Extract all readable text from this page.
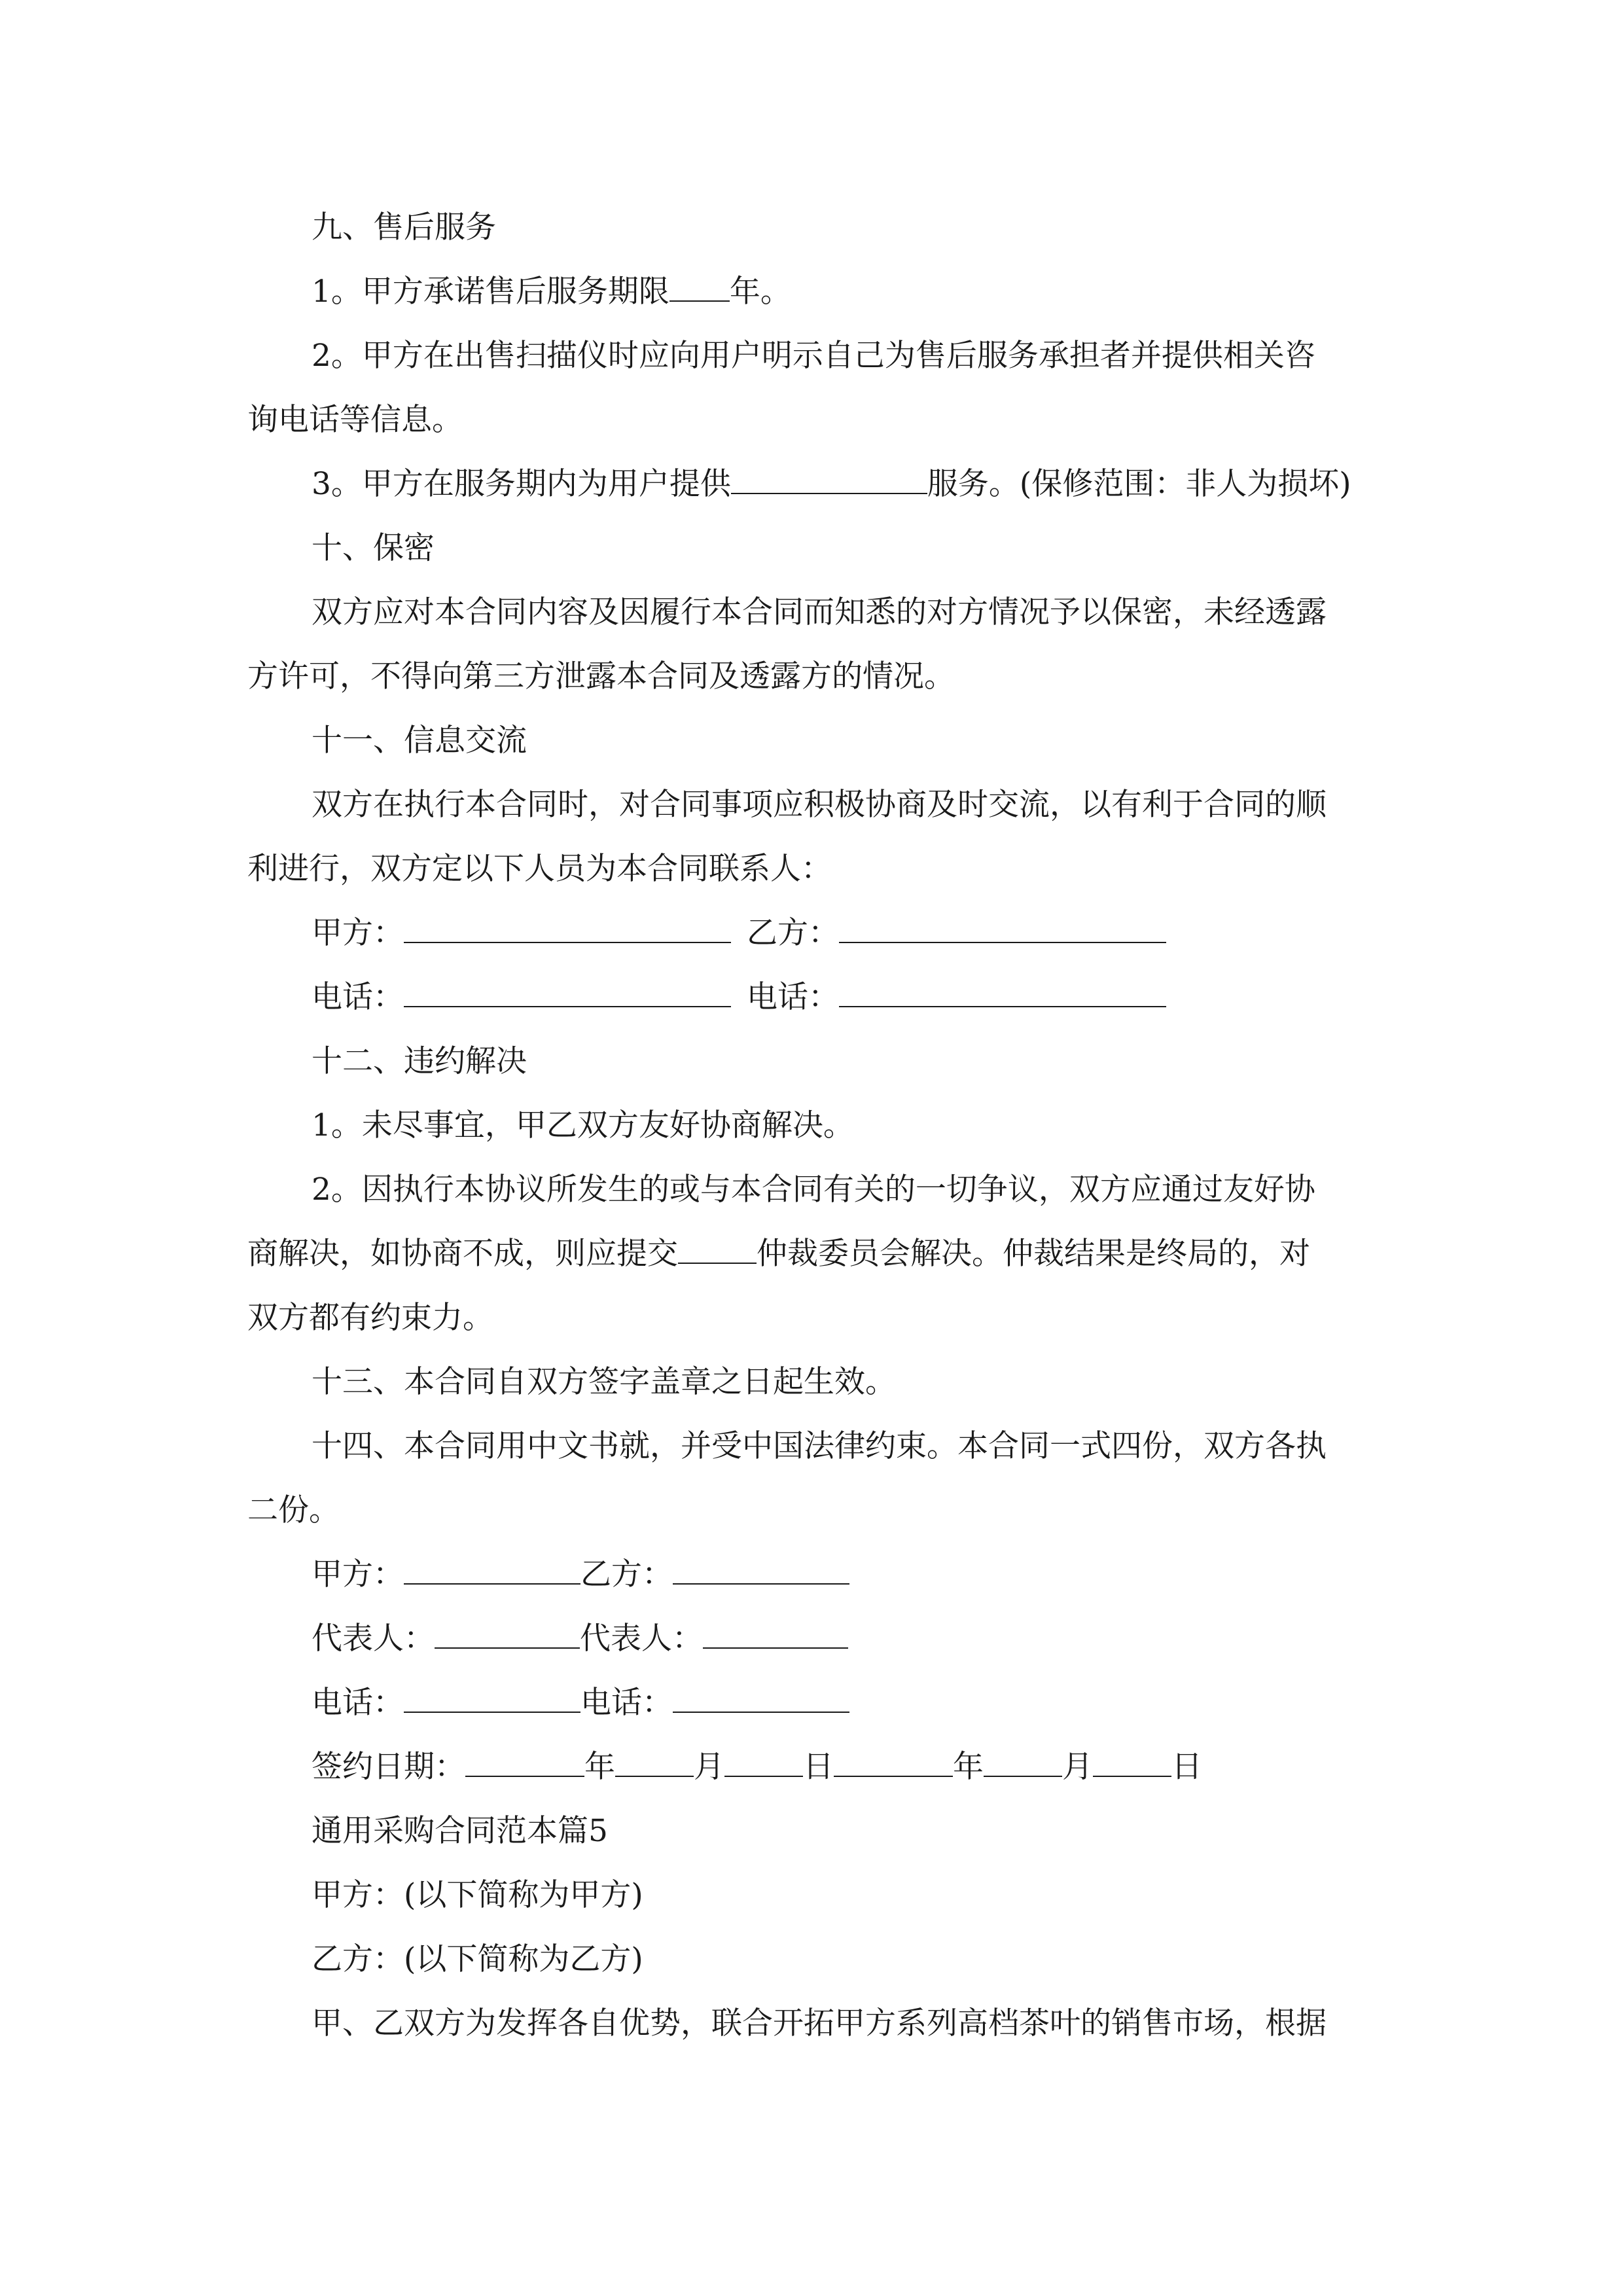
九、售后服务
1。甲方承诺售后服务期限 年。
2。甲方在出售扫描仪时应向用户明示自己为售后服务承担者并提供相关咨
询电话等信息。
3。甲方在服务期内为用户提供	服务。(保修范围：非人为损坏)
十、保密
双方应对本合同内容及因履行本合同而知悉的对方情况予以保密，未经透露
方许可，不得向第三方泄露本合同及透露方的情况。
十一、信息交流
双方在执行本合同时，对合同事项应积极协商及时交流，以有利于合同的顺
利进行，双方定以下人员为本合同联系人：
甲方：	乙方：
电话：	电话：
十二、违约解决
1。未尽事宜，甲乙双方友好协商解决。
2。因执行本协议所发生的或与本合同有关的一切争议，双方应通过友好协
商解决，如协商不成，则应提交	仲裁委员会解决。仲裁结果是终局的，对
双方都有约束力。
十三、本合同自双方签字盖章之日起生效。
十四、本合同用中文书就，并受中国法律约束。本合同一式四份，双方各执
二份。
甲方：	乙方：
代表人：	代表人：
电话：	电话：
签约日期：	年	月	日	年	月	日
通用采购合同范本篇5
甲方：(以下简称为甲方)
乙方：(以下简称为乙方)
甲、乙双方为发挥各自优势，联合开拓甲方系列高档茶叶的销售市场，根据
